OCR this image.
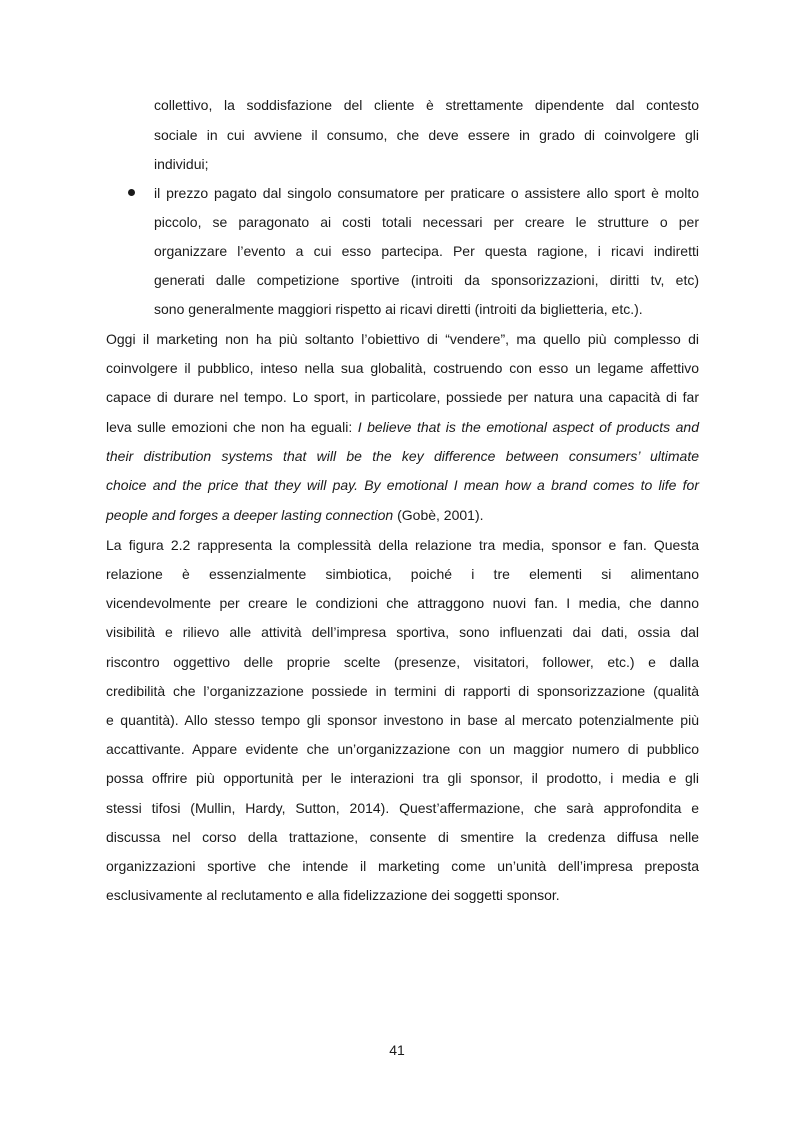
collettivo, la soddisfazione del cliente è strettamente dipendente dal contesto
sociale in cui avviene il consumo, che deve essere in grado di coinvolgere gli
individui;
il prezzo pagato dal singolo consumatore per praticare o assistere allo sport è molto
piccolo, se paragonato ai costi totali necessari per creare le strutture o per
organizzare l’evento a cui esso partecipa. Per questa ragione, i ricavi indiretti
generati dalle competizione sportive (introiti da sponsorizzazioni, diritti tv, etc)
sono generalmente maggiori rispetto ai ricavi diretti (introiti da biglietteria, etc.).
Oggi il marketing non ha più soltanto l’obiettivo di “vendere”, ma quello più complesso di
coinvolgere il pubblico, inteso nella sua globalità, costruendo con esso un legame affettivo
capace di durare nel tempo. Lo sport, in particolare, possiede per natura una capacità di far
leva sulle emozioni che non ha eguali: I believe that is the emotional aspect of products and
their distribution systems that will be the key difference between consumers’ ultimate
choice and the price that they will pay. By emotional I mean how a brand comes to life for
people and forges a deeper lasting connection (Gobè, 2001).
La figura 2.2 rappresenta la complessità della relazione tra media, sponsor e fan. Questa
relazione è essenzialmente simbiotica, poiché i tre elementi si alimentano
vicendevolmente per creare le condizioni che attraggono nuovi fan. I media, che danno
visibilità e rilievo alle attività dell’impresa sportiva, sono influenzati dai dati, ossia dal
riscontro oggettivo delle proprie scelte (presenze, visitatori, follower, etc.) e dalla
credibilità che l’organizzazione possiede in termini di rapporti di sponsorizzazione (qualità
e quantità). Allo stesso tempo gli sponsor investono in base al mercato potenzialmente più
accattivante. Appare evidente che un’organizzazione con un maggior numero di pubblico
possa offrire più opportunità per le interazioni tra gli sponsor, il prodotto, i media e gli
stessi tifosi (Mullin, Hardy, Sutton, 2014). Quest’affermazione, che sarà approfondita e
discussa nel corso della trattazione, consente di smentire la credenza diffusa nelle
organizzazioni sportive che intende il marketing come un’unità dell’impresa preposta
esclusivamente al reclutamento e alla fidelizzazione dei soggetti sponsor.
41
